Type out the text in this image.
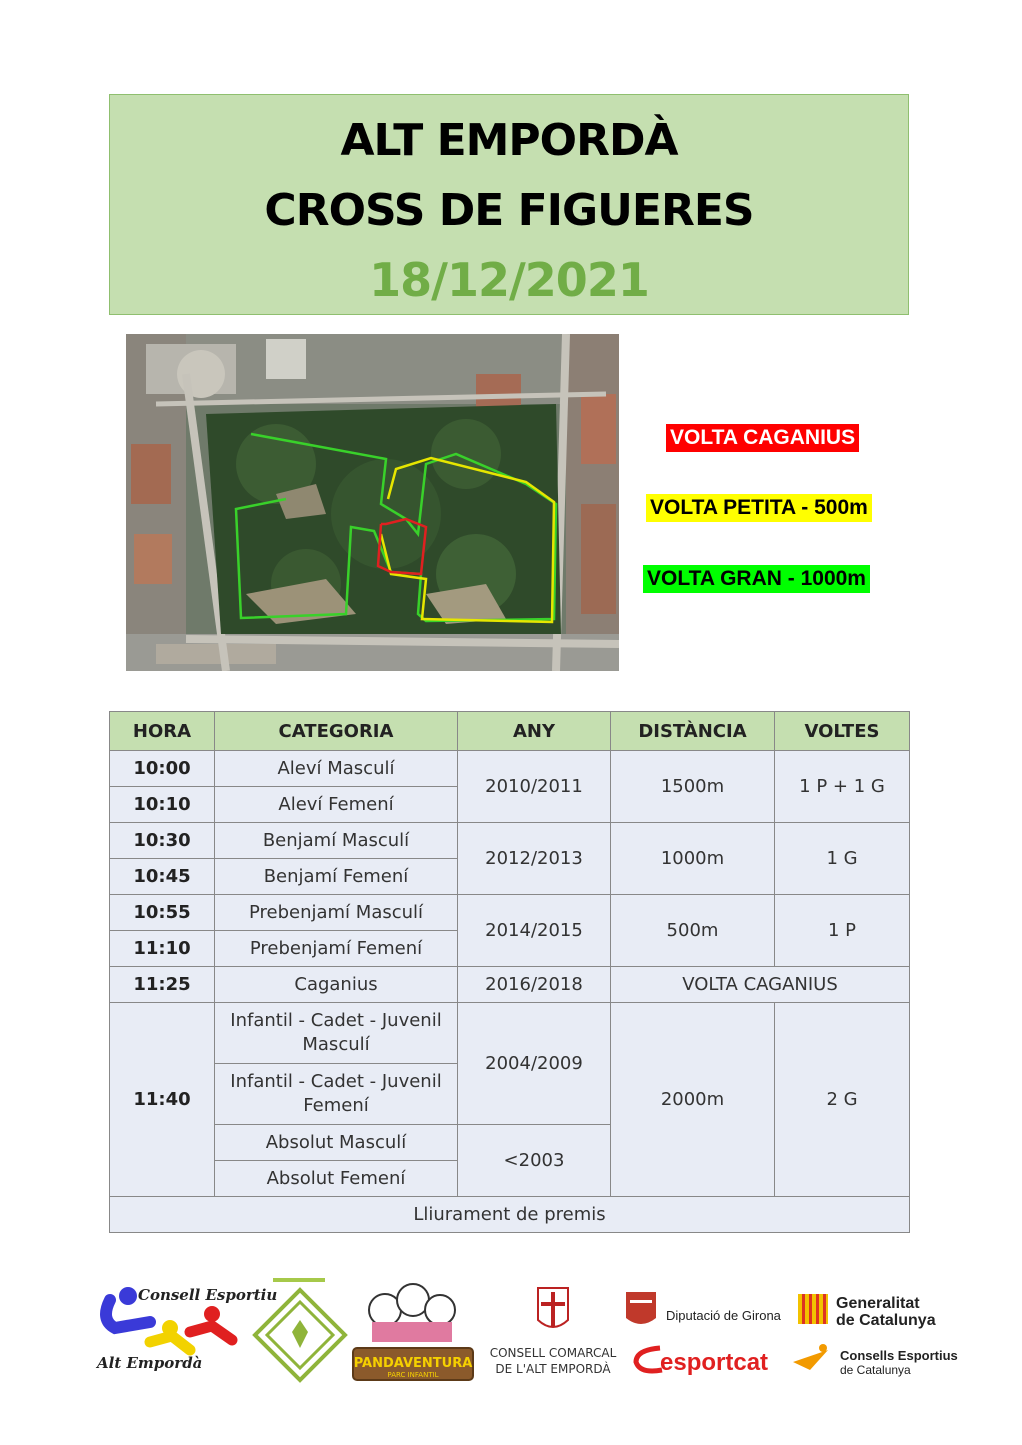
ALT EMPORDÀ
CROSS DE FIGUERES
18/12/2021
VOLTA CAGANIUS
VOLTA PETITA - 500m
VOLTA GRAN - 1000m
HORA	CATEGORIA	ANY	DISTÀNCIA	VOLTES
10:00	Aleví Masculí	2010/2011	1500m	1 P + 1 G
10:10	Aleví Femení			
10:30	Benjamí Masculí	2012/2013	1000m	1 G
10:45	Benjamí Femení			
10:55	Prebenjamí Masculí	2014/2015	500m	1 P
11:10	Prebenjamí Femení			
11:25	Caganius	2016/2018	VOLTA CAGANIUS	
11:40	Infantil - Cadet - Juvenil Masculí	2004/2009	2000m	2 G
	Infantil - Cadet - Juvenil Femení			
	Absolut Masculí	<2003		
	Absolut Femení			
Lliurament de premis				
Consell Esportiu
Alt Empordà	PANDAVENTURA
PARC INFANTIL
CONSELL COMARCAL
DE L'ALT EMPORDÀ
Diputació de Girona
Generalitat
de Catalunya
esportcat	Consells Esportius
de Catalunya
